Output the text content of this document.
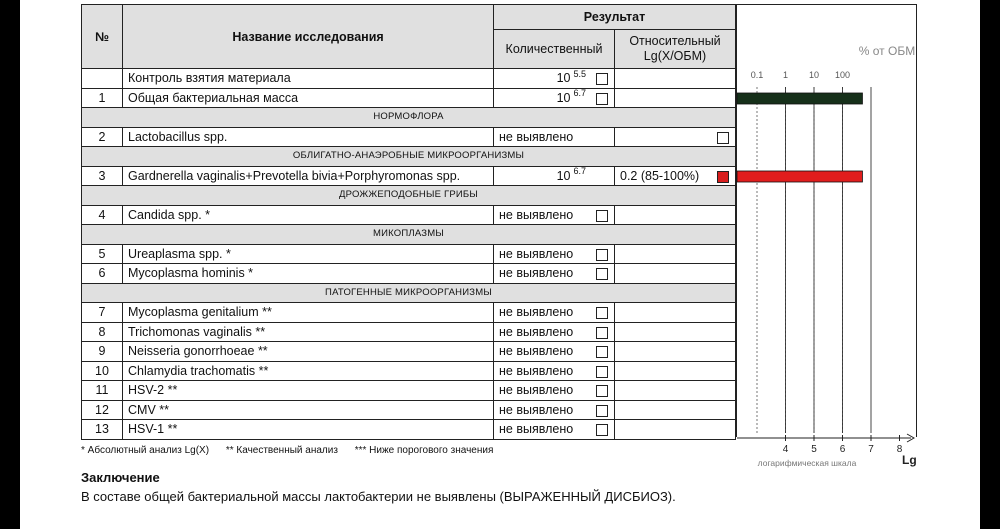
№	Название исследования	Результат	
		Количественный	Относительный
Lg(X/ОБМ)

	Контроль взятия материала	10 $^{5.5}$

1	Общая бактериальная масса	10 $^{6.7}$

НОРМОФЛОРА			
2	Lactobacillus spp.	не выявлено	

ОБЛИГАТНО-АНАЭРОБНЫЕ МИКРООРГАНИЗМЫ			
3	Gardnerella vaginalis+Prevotella bivia+Porphyromonas spp.	10 $^{6.7}$	0.2 (85-100%)

ДРОЖЖЕПОДОБНЫЕ ГРИБЫ			
4	Candida spp. *	не выявлено

МИКОПЛАЗМЫ			
5	Ureaplasma spp. *	не выявлено

6	Mycoplasma hominis *	не выявлено

ПАТОГЕННЫЕ МИКРООРГАНИЗМЫ			
7	Mycoplasma genitalium **	не выявлено

8	Trichomonas vaginalis **	не выявлено

9	Neisseria gonorrhoeae **	не выявлено

10	Chlamydia trachomatis **	не выявлено

11	HSV-2 **	не выявлено

12	CMV **	не выявлено

13	HSV-1 **	не выявлено

% от ОБМ
0.1 1 10 100
4 5 6 7 8
логарифмическая шкала	Lg
* Абсолютный анализ Lg(X) ** Качественный анализ *** Ниже порогового значения
Заключение
В составе общей бактериальной массы лактобактерии не выявлены (ВЫРАЖЕННЫЙ ДИСБИОЗ).
